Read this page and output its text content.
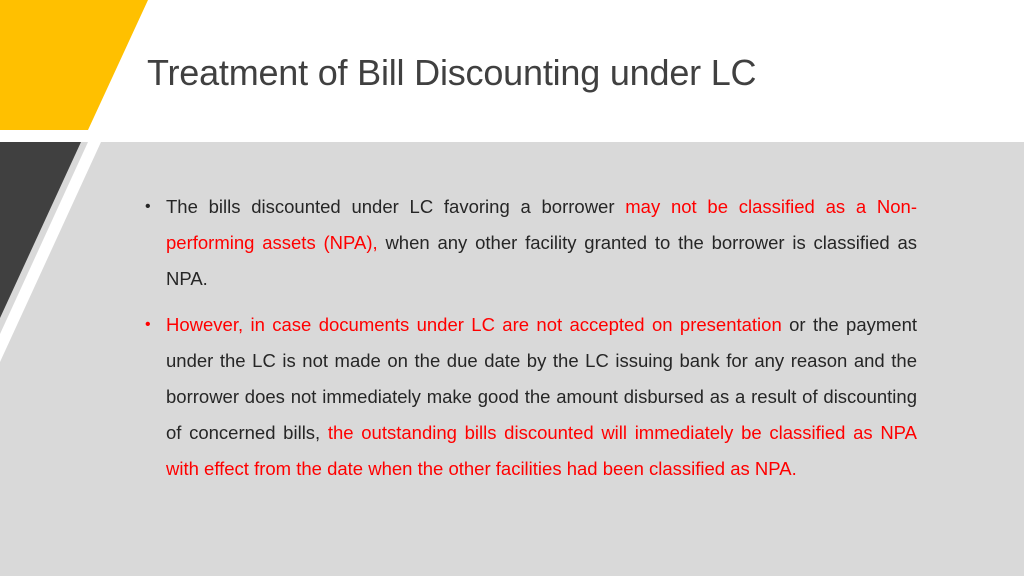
Treatment of Bill Discounting under LC
• The bills discounted under LC favoring a borrower may not be classified as a Non-performing assets (NPA), when any other facility granted to the borrower is classified as NPA.
• However, in case documents under LC are not accepted on presentation or the payment under the LC is not made on the due date by the LC issuing bank for any reason and the borrower does not immediately make good the amount disbursed as a result of discounting of concerned bills, the outstanding bills discounted will immediately be classified as NPA with effect from the date when the other facilities had been classified as NPA.
